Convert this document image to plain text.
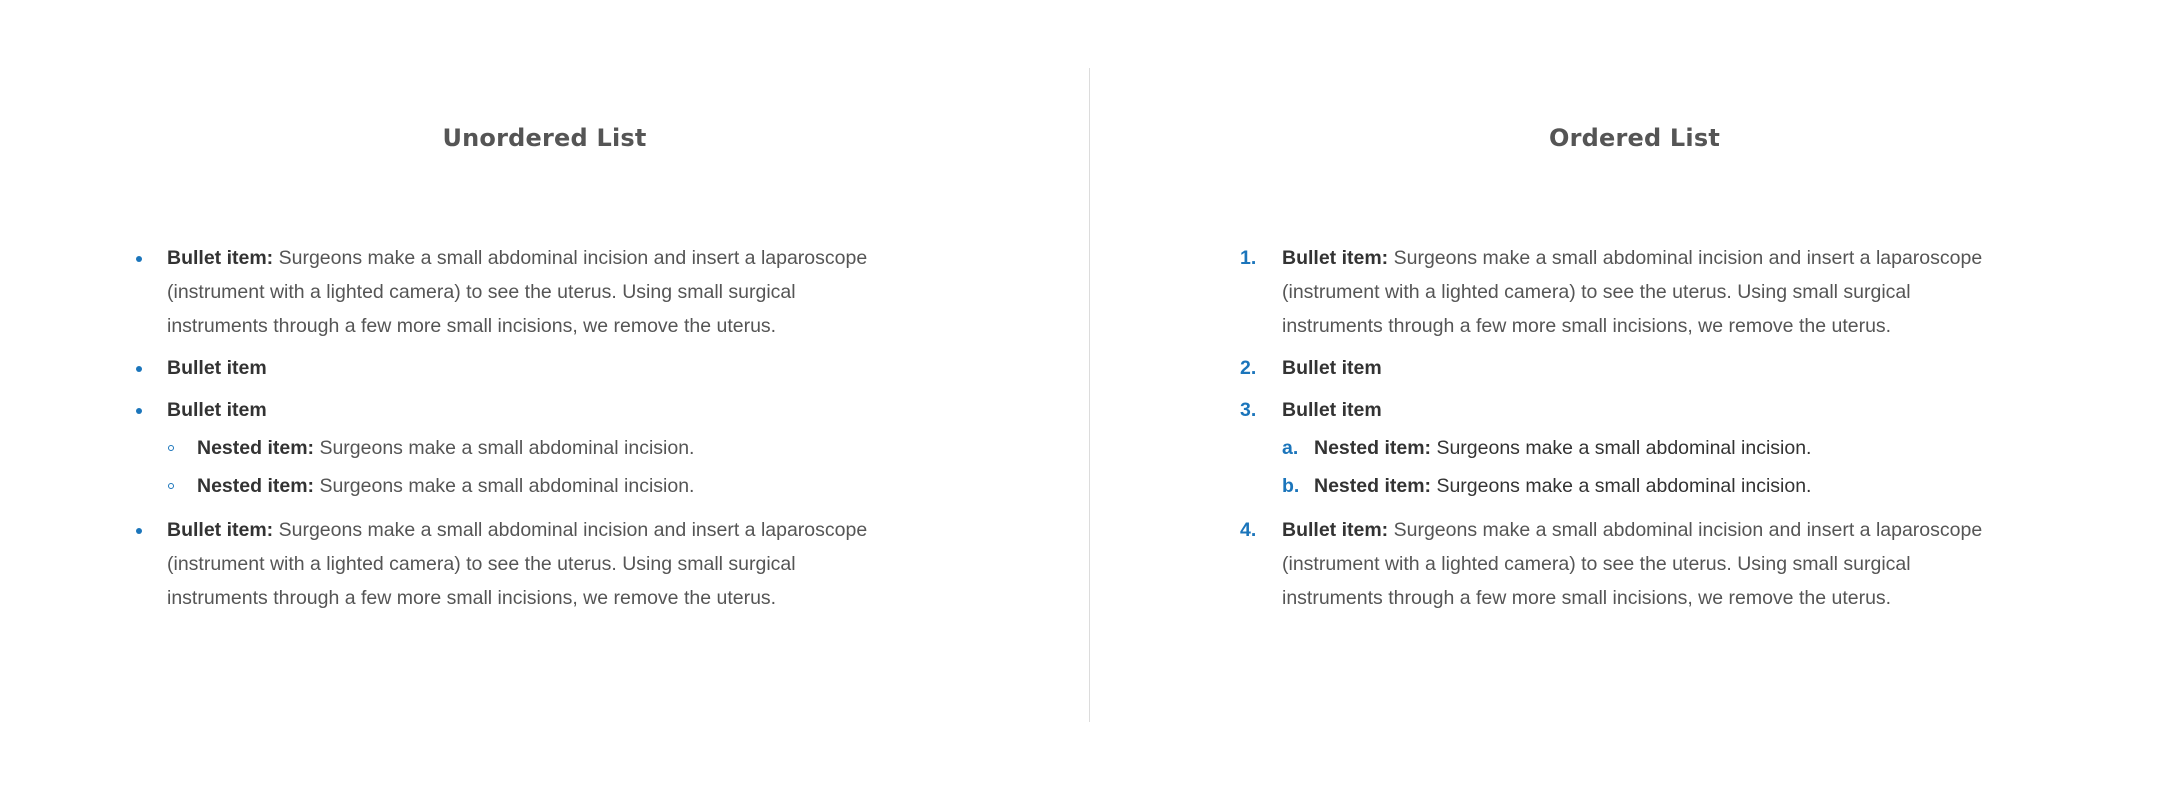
Unordered List
Bullet item: Surgeons make a small abdominal incision and insert a laparoscope (instrument with a lighted camera) to see the uterus. Using small surgical instruments through a few more small incisions, we remove the uterus.
Bullet item
Bullet item
Nested item: Surgeons make a small abdominal incision.
Nested item: Surgeons make a small abdominal incision.
Bullet item: Surgeons make a small abdominal incision and insert a laparoscope (instrument with a lighted camera) to see the uterus. Using small surgical instruments through a few more small incisions, we remove the uterus.
Ordered List
1. Bullet item: Surgeons make a small abdominal incision and insert a laparoscope (instrument with a lighted camera) to see the uterus. Using small surgical instruments through a few more small incisions, we remove the uterus.
2. Bullet item
3. Bullet item
a. Nested item: Surgeons make a small abdominal incision.
b. Nested item: Surgeons make a small abdominal incision.
4. Bullet item: Surgeons make a small abdominal incision and insert a laparoscope (instrument with a lighted camera) to see the uterus. Using small surgical instruments through a few more small incisions, we remove the uterus.
